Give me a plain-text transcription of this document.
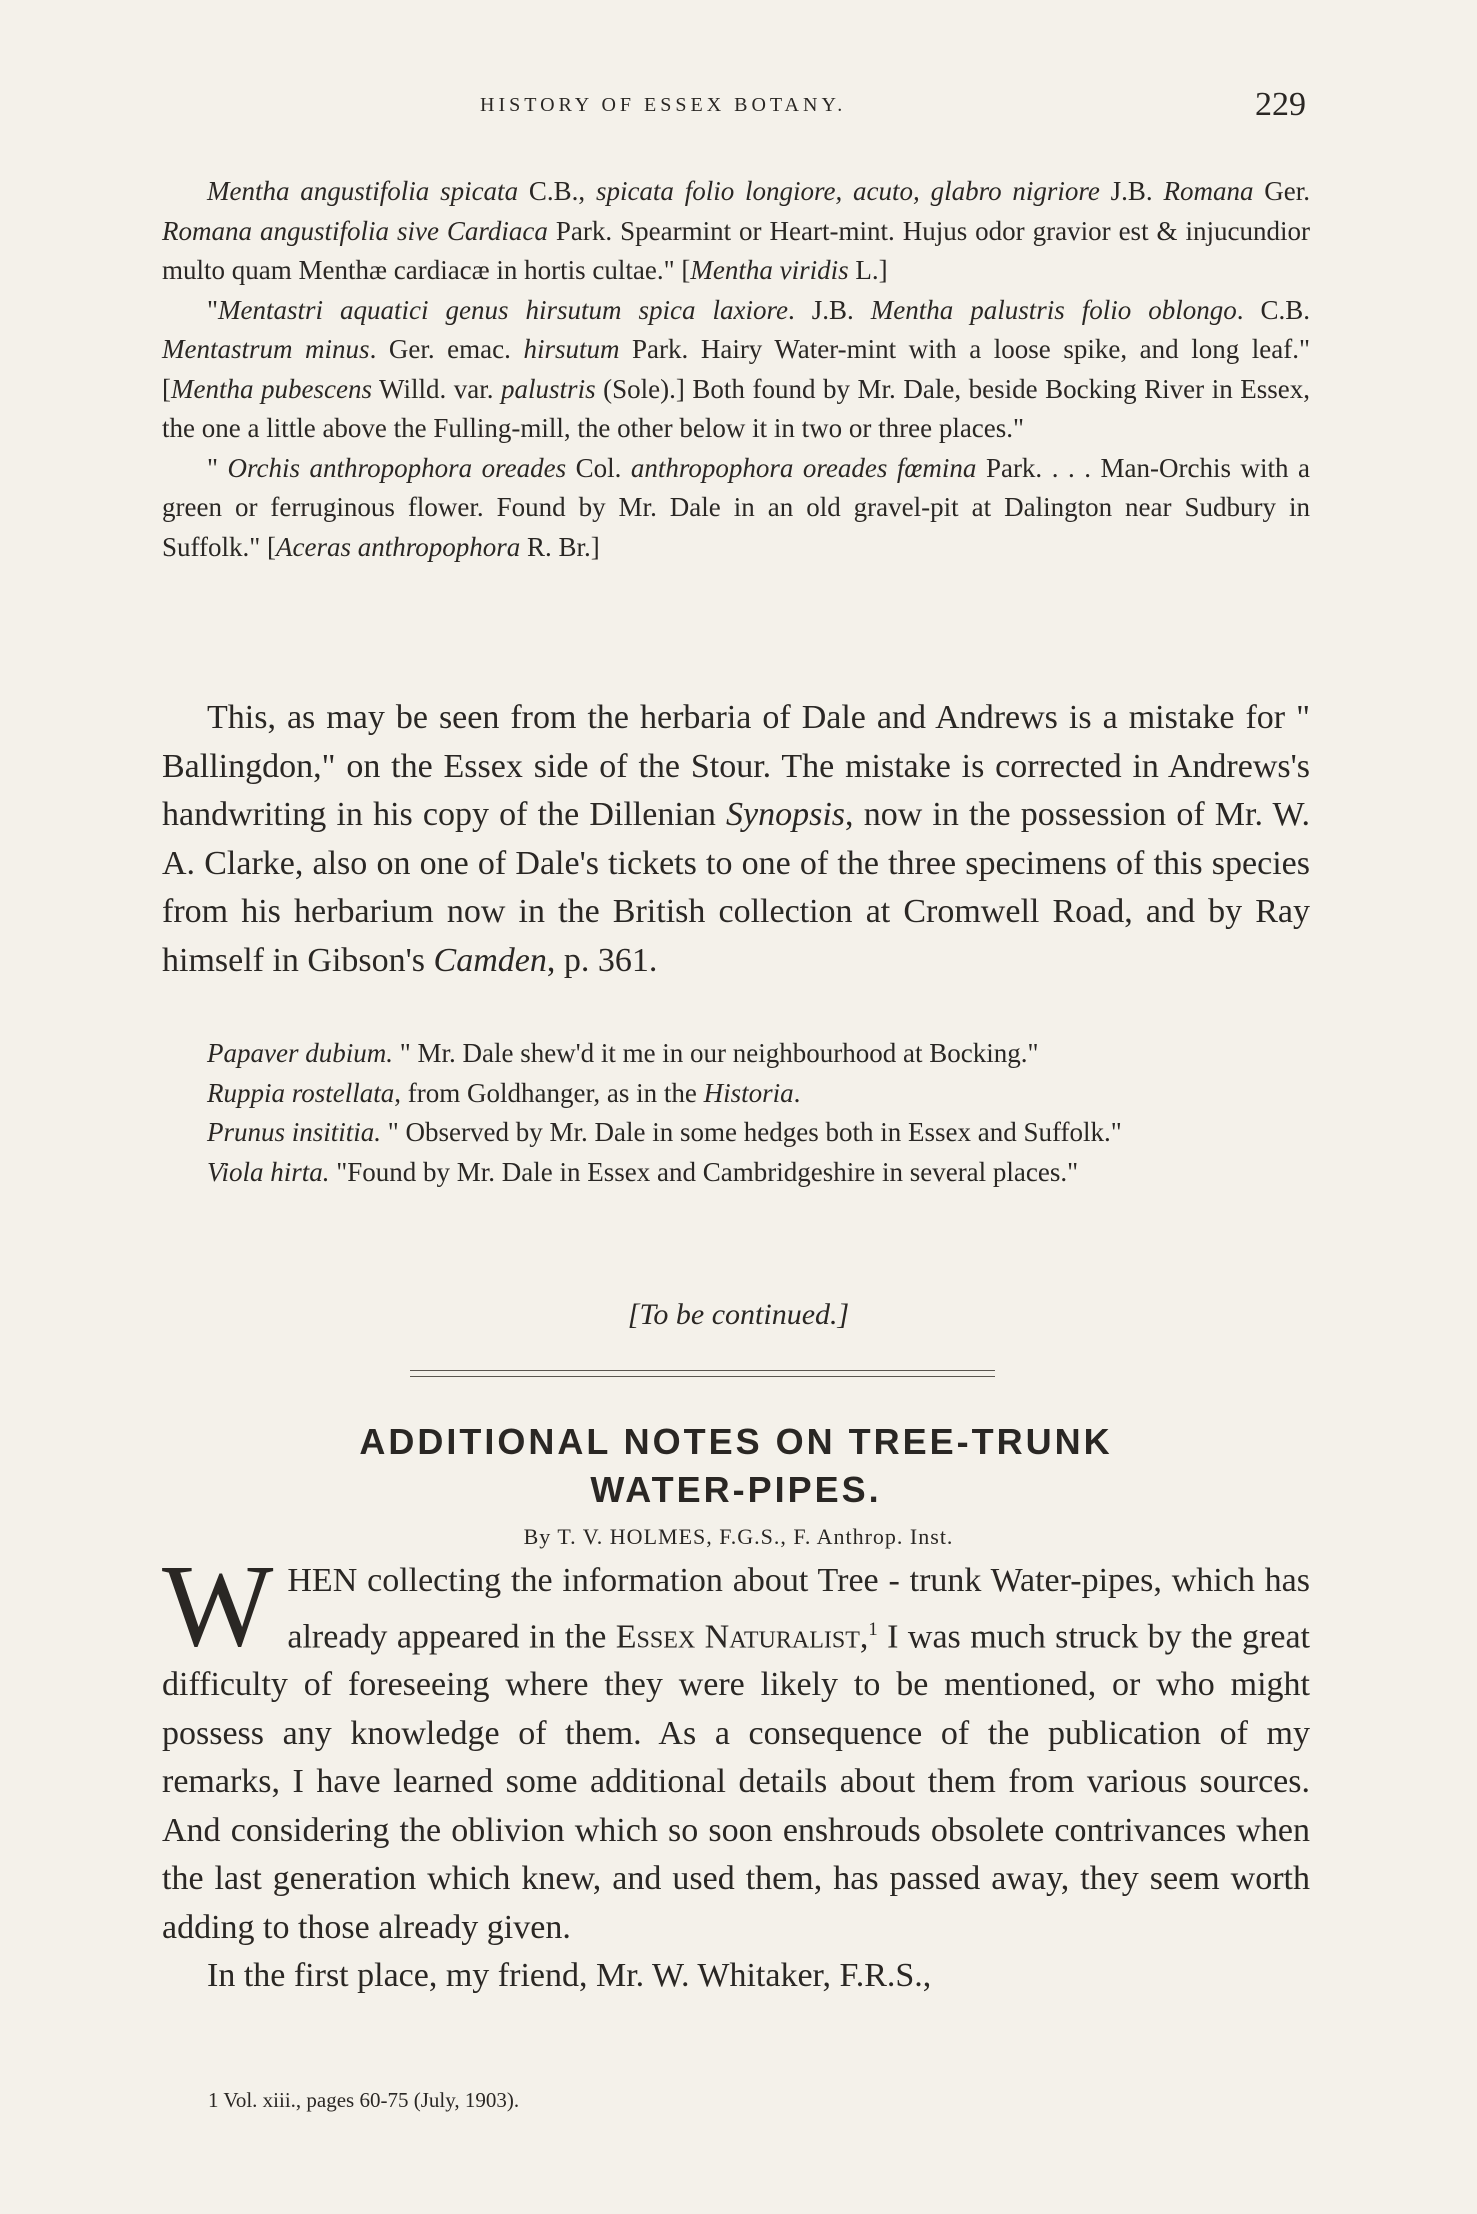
HISTORY OF ESSEX BOTANY.	229

Mentha angustifolia spicata C.B., spicata folio longiore, acuto, glabro nigriore J.B. Romana Ger. Romana angustifolia sive Cardiaca Park. Spearmint or Heart-mint. Hujus odor gravior est & injucundior multo quam Menthæ cardiacæ in hortis cultae." [Mentha viridis L.]

"Mentastri aquatici genus hirsutum spica laxiore. J.B. Mentha palustris folio oblongo. C.B. Mentastrum minus. Ger. emac. hirsutum Park. Hairy Water-mint with a loose spike, and long leaf." [Mentha pubescens Willd. var. palustris (Sole).] Both found by Mr. Dale, beside Bocking River in Essex, the one a little above the Fulling-mill, the other below it in two or three places."

" Orchis anthropophora oreades Col. anthropophora oreades fœmina Park. . . . Man-Orchis with a green or ferruginous flower. Found by Mr. Dale in an old gravel-pit at Dalington near Sudbury in Suffolk." [Aceras anthropophora R. Br.]

This, as may be seen from the herbaria of Dale and Andrews is a mistake for " Ballingdon," on the Essex side of the Stour. The mistake is corrected in Andrews's handwriting in his copy of the Dillenian Synopsis, now in the possession of Mr. W. A. Clarke, also on one of Dale's tickets to one of the three specimens of this species from his herbarium now in the British collection at Cromwell Road, and by Ray himself in Gibson's Camden, p. 361.

Papaver dubium. " Mr. Dale shew'd it me in our neighbourhood at Bocking."

Ruppia rostellata, from Goldhanger, as in the Historia.

Prunus insititia. " Observed by Mr. Dale in some hedges both in Essex and Suffolk."

Viola hirta. "Found by Mr. Dale in Essex and Cambridgeshire in several places."

[To be continued.]
ADDITIONAL NOTES ON TREE-TRUNK
WATER-PIPES.
By T. V. HOLMES, F.G.S., F. Anthrop. Inst.

WHEN collecting the information about Tree - trunk Water-pipes, which has already appeared in the Essex Naturalist,$^1$ I was much struck by the great difficulty of foreseeing where they were likely to be mentioned, or who might possess any knowledge of them. As a consequence of the publication of my remarks, I have learned some additional details about them from various sources. And considering the oblivion which so soon enshrouds obsolete contrivances when the last generation which knew, and used them, has passed away, they seem worth adding to those already given.

In the first place, my friend, Mr. W. Whitaker, F.R.S.,

1 Vol. xiii., pages 60-75 (July, 1903).
